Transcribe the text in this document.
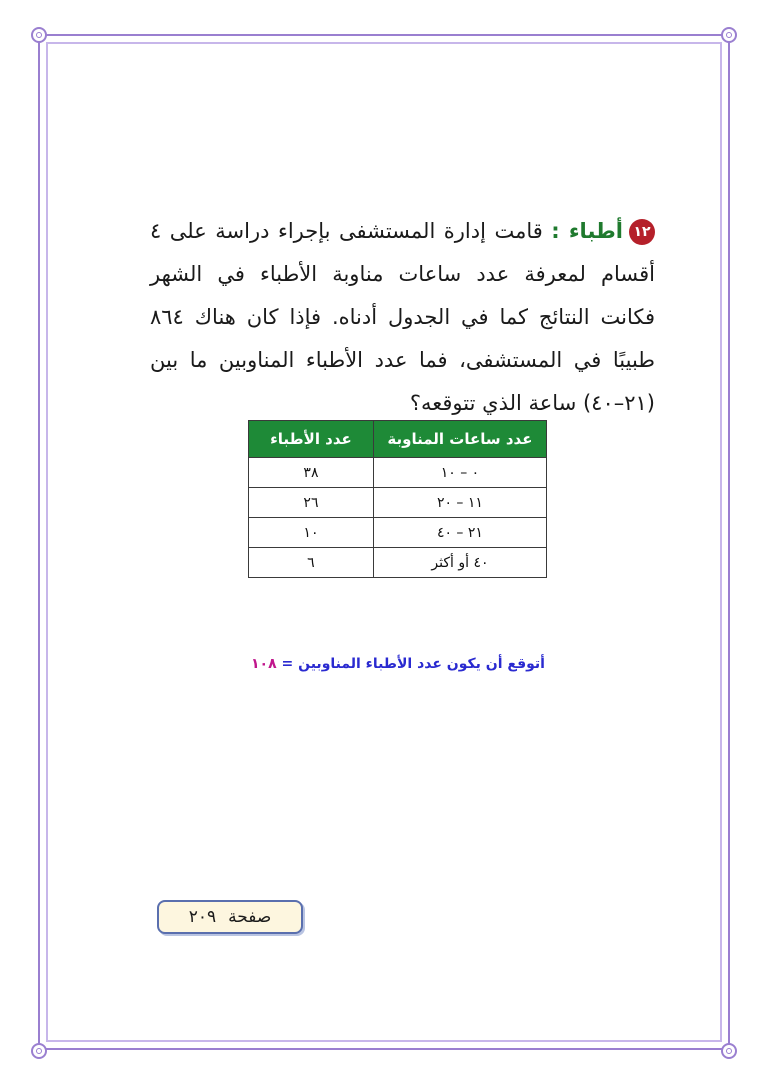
١٢أطباء : قامت إدارة المستشفى بإجراء دراسة على ٤ أقسام لمعرفة عدد ساعات مناوبة الأطباء في الشهر فكانت النتائج كما في الجدول أدناه. فإذا كان هناك ٨٦٤ طبيبًا في المستشفى، فما عدد الأطباء المناوبين ما بين (٢١–٤٠) ساعة الذي تتوقعه؟
عدد ساعات المناوبة	عدد الأطباء
٠ – ١٠	٣٨
١١ – ٢٠	٢٦
٢١ – ٤٠	١٠
٤٠ أو أكثر	٦
أتوقع أن يكون عدد الأطباء المناوبين = ١٠٨
صفحة٢٠٩
